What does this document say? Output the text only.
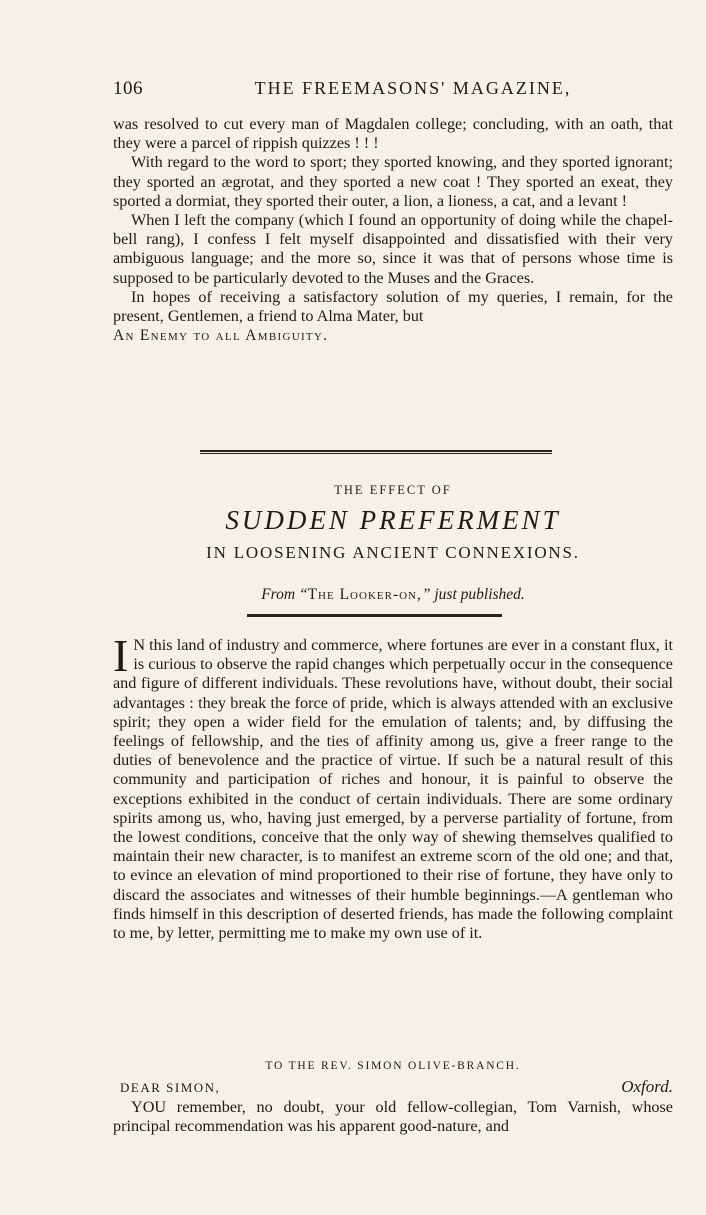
106	THE FREEMASONS' MAGAZINE,

was resolved to cut every man of Magdalen college; concluding, with an oath, that they were a parcel of rippish quizzes ! ! !

With regard to the word to sport; they sported knowing, and they sported ignorant; they sported an ægrotat, and they sported a new coat ! They sported an exeat, they sported a dormiat, they sported their outer, a lion, a lioness, a cat, and a levant !

When I left the company (which I found an opportunity of doing while the chapel-bell rang), I confess I felt myself disappointed and dissatisfied with their very ambiguous language; and the more so, since it was that of persons whose time is supposed to be particularly devoted to the Muses and the Graces.

In hopes of receiving a satisfactory solution of my queries, I remain, for the present, Gentlemen, a friend to Alma Mater, but

An Enemy to all Ambiguity.

THE EFFECT OF
SUDDEN PREFERMENT
IN LOOSENING ANCIENT CONNEXIONS.
From “The Looker-on,” just published.

I N this land of industry and commerce, where fortunes are ever in a constant flux, it is curious to observe the rapid changes which perpetually occur in the consequence and figure of different individuals. These revolutions have, without doubt, their social advantages : they break the force of pride, which is always attended with an exclusive spirit; they open a wider field for the emulation of talents; and, by diffusing the feelings of fellowship, and the ties of affinity among us, give a freer range to the duties of benevolence and the practice of virtue. If such be a natural result of this community and participation of riches and honour, it is painful to observe the exceptions exhibited in the conduct of certain individuals. There are some ordinary spirits among us, who, having just emerged, by a perverse partiality of fortune, from the lowest conditions, conceive that the only way of shewing themselves qualified to maintain their new character, is to manifest an extreme scorn of the old one; and that, to evince an elevation of mind proportioned to their rise of fortune, they have only to discard the associates and witnesses of their humble beginnings.—A gentleman who finds himself in this description of deserted friends, has made the following complaint to me, by letter, permitting me to make my own use of it.

TO THE REV. SIMON OLIVE-BRANCH.
DEAR SIMON,	Oxford.

YOU remember, no doubt, your old fellow-collegian, Tom Varnish, whose principal recommendation was his apparent good-nature, and
